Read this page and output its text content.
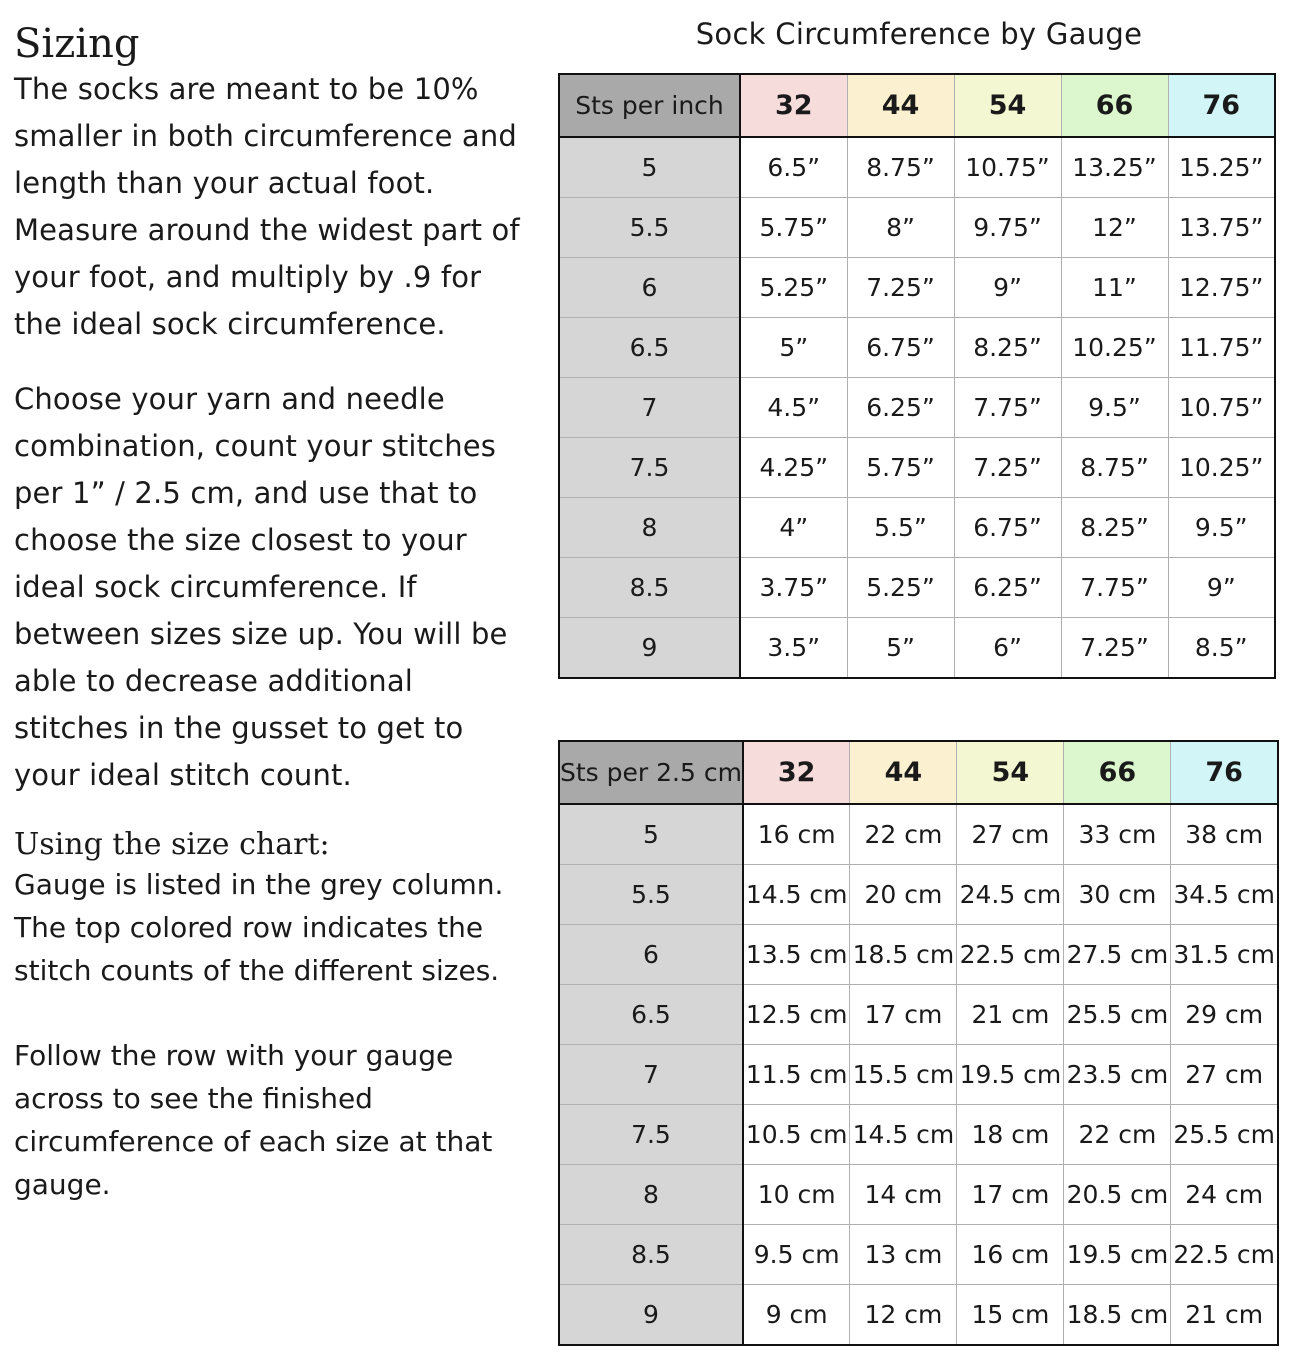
Sizing

The socks are meant to be 10%
smaller in both circumference and
length than your actual foot.
Measure around the widest part of
your foot, and multiply by .9 for
the ideal sock circumference.

Choose your yarn and needle
combination, count your stitches
per 1” / 2.5 cm, and use that to
choose the size closest to your
ideal sock circumference. If
between sizes size up. You will be
able to decrease additional
stitches in the gusset to get to
your ideal stitch count.

Using the size chart:

Gauge is listed in the grey column.
The top colored row indicates the
stitch counts of the different sizes.

Follow the row with your gauge
across to see the finished
circumference of each size at that
gauge.

Sock Circumference by Gauge
Sts per inch	32	44	54	66	76
5	6.5”	8.75”	10.75”	13.25”	15.25”
5.5	5.75”	8”	9.75”	12”	13.75”
6	5.25”	7.25”	9”	11”	12.75”
6.5	5”	6.75”	8.25”	10.25”	11.75”
7	4.5”	6.25”	7.75”	9.5”	10.75”
7.5	4.25”	5.75”	7.25”	8.75”	10.25”
8	4”	5.5”	6.75”	8.25”	9.5”
8.5	3.75”	5.25”	6.25”	7.75”	9”
9	3.5”	5”	6”	7.25”	8.5”
Sts per 2.5 cm	32	44	54	66	76
5	16 cm	22 cm	27 cm	33 cm	38 cm
5.5	14.5 cm	20 cm	24.5 cm	30 cm	34.5 cm
6	13.5 cm	18.5 cm	22.5 cm	27.5 cm	31.5 cm
6.5	12.5 cm	17 cm	21 cm	25.5 cm	29 cm
7	11.5 cm	15.5 cm	19.5 cm	23.5 cm	27 cm
7.5	10.5 cm	14.5 cm	18 cm	22 cm	25.5 cm
8	10 cm	14 cm	17 cm	20.5 cm	24 cm
8.5	9.5 cm	13 cm	16 cm	19.5 cm	22.5 cm
9	9 cm	12 cm	15 cm	18.5 cm	21 cm
